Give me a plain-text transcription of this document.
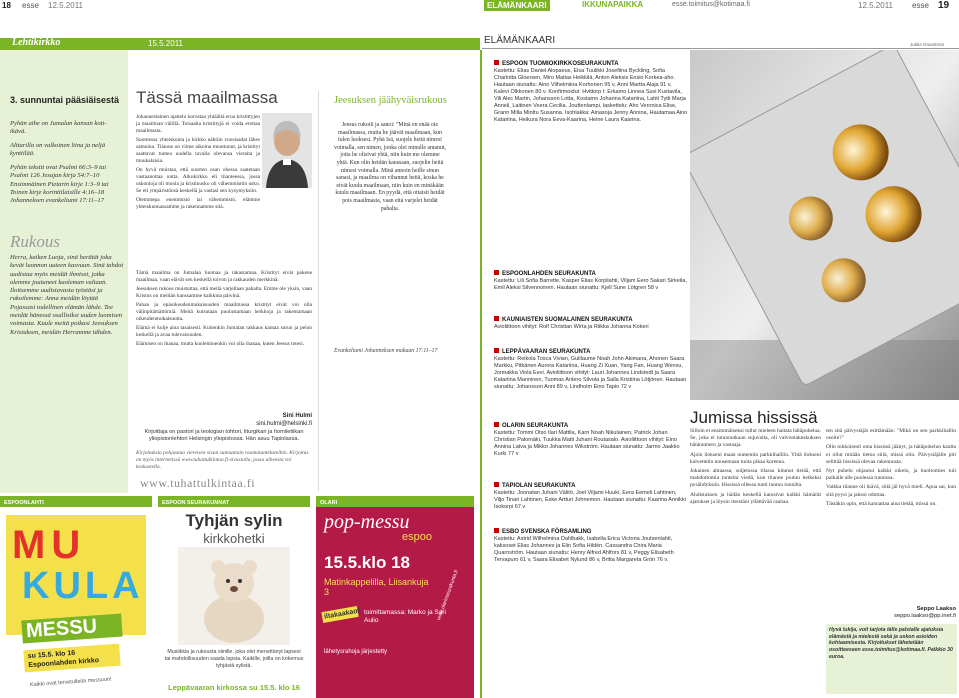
18 esse 12.5.2011	ELÄMÄNKAARI	IKKUNAPAIKKA	esse.toimitus@kotimaa.fi	12.5.2011 esse 19
Lehtikirkko	15.5.2011	ELÄMÄNKAARI	Jukka Granström
3. sunnuntai pääsiäisestä

Pyhän aihe on Jumalan kansan koti-ikävä.

Alttarilla on valkoinen liina ja neljä kynttilää.

Pyhän tekstit ovat Psalmi 66:3–9 tai Psalmi 126 Jesajan kirja 54:7–10 Ensimmäinen Pietarin kirje 1:3–9 tai Toinen kirje korinttilaisille 4:16–18 Johanneksen evankeliumi 17:11–17

Rukous

Herra, kaiken Luoja, sinä herätät joka kevät luonnon uuteen kasvuun. Sinä tahdot uudistaa myös meidät ihmiset, jotka olemme joutuneet kuoleman valtaan. Iloitsemme uudistavasta työstäsi ja rukoilemme: Anna meidän löytää Pojassasi todellinen elämän lähde. Tee meidät hänessä osallisiksi uuden luomisen voimasta. Kuule meitä poikasi Jeesuksen Kristuksen, meidän Herramme tähden.

Tässä maailmassa

Johanneslainen ajattelu korostaa yhtäältä eroa kristittyjen ja maailman välillä. Toisaalta kristittyjä ei voida erottaa maailmasta.

Suomessa yhteiskunta ja kirkko nähtiin vuosisadat lähes samoina. Tilanne on viime aikoina muuttunut, ja kristityt saattavat tuntea uudella tavalla olevansa vieraita ja muukalaisia.

On hyvä muistaa, että suurten osan ohessa saatetaan vastaanottaa uutta. Alkukirkko eli tilanteessa, jossa uskontoja oli monia ja kristinusko oli vähemmistön usko. Se eli ympäristönsä keskellä ja vastasi sen kysymyksiin.

Olemmepa enemmistö tai vähemmistö, elämme yhteiskunnassamme ja rakennamme sitä.

Tämä maailma on Jumalan luomaa ja rakastamaa. Kristityt eivät pakene maailmaa, vaan elävät sen keskellä toivon ja rakkauden merkkinä.

Jeesuksen rukous muistuttaa, että meitä varjellaan pahalta. Emme ole yksin, vaan Kristus on meidän kanssamme kaikkina päivinä.

Pahan ja epäoikeudenmukaisuuden maailmassa kristityt eivät voi olla välinpitämättömiä. Meitä kutsutaan puolustamaan heikkoja ja rakentamaan oikeudenmukaisuutta.

Elämä ei kulje aina tasaisesti. Kuitenkin Jumalan rakkaus kantaa surun ja pelon keskellä ja avaa tulevaisuuden.

Elämisen on ihanaa, mutta kuoleminenkin voi olla ihanaa, kuten Jeesus totesi.

Sini Hulmi
sini.hulmi@helsinki.fi
Kirjoittaja on pastori ja teologian tohtori, liturgikan ja homiletiikan yliopistonlehtori Helsingin yliopistossa. Hän asuu Tapiolassa.
Kirjoituksia pohjautuu viereisen sivun sunnuntain raamatunteksteihin. Kirjoitus on myös internetissä www.tuhattulkintaa.fi-sivustolla, jossa aiheesta voi keskustella.
www.tuhattulkintaa.fi
Jeesuksen jäähyväisrukous
Jeesus rukoili ja sanoi: "Minä en enää ole maailmassa, mutta he jäävät maailmaan, kun tulen luoksesi. Pyhä Isä, suojele heitä nimesi voimalla, sen nimen, jonka olet minulle antanut, jotta he olisivat yhtä, niin kuin me olemme yhtä. Kun olin heidän kanssaan, suojelin heitä nimesi voimalla. Minä annoin heille sinun sanasi, ja maailma on vihannut heitä, koska he eivät kuulu maailmaan, niin kuin en minäkään kuulu maailmaan. En pyydä, että ottaisit heidät pois maailmasta, vaan että varjelet heidät pahalta.
Evankeliumi Johanneksen mukaan 17:11–17
ESPOON TUOMIOKIRKKOSEURAKUNTA
Kastettu: Elias Daniel Alopaeus, Elsa Tuulikki Josefiina Byckling, Sofia Charlotta Gloersen, Miro Matias Heikkilä, Anton Aleksis Ensio Korkea-aho. Hautaan siunattu: Aino Vilhelmiina Korhonen 95 v, Anni Martta Alaja 91 v, Kalevi Olkkonen 80 v. Konfirmoidut: Hvittorp I: Erkamo Linnea Suvi Kustavila, Vili Alec Martin, Johansson Lotta, Kostamo Johanna Katariina, Lahti Tytti Marja Anneli, Laitinen Veera Cecilia. Jouttenlampi, laskettelu: Aho Veronica Elise, Grann Milla Minttu Susanna. Isohlakka: Ainasoja Jenny Annina, Hautamaa Aino Katariina, Heikura Nora Eeva-Kaarina, Heine Laura Kaarina.
ESPOONLAHDEN SEURAKUNTA
Kastettu: Lili Sofia Barrette, Kasper Elias Korpilahti, Viljam Eero Sakari Sirkeila, Emil Aleksi Silvennoinen. Hautaan siunattu: Kjell Sune Lötgren 58 v
KAUNIAISTEN SUOMALAINEN SEURAKUNTA
Avioliittoon vihityt: Rolf Christian Wirta ja Riikka Johanna Kokeri
LEPPÄVAARAN SEURAKUNTA
Kastettu: Reikola Tosca Vivian, Guillaume Noah John Akimana, Ahonen Saara Markku, Pitkänen Aurora Katariina, Huang Zi Xuan, Yang Fan, Huang Wenxu, Jormakka Viola Eevi. Avioliittoon vihityt: Lauri Johannes Lindstedt ja Saara Katariina Manninen, Tuomas Antero Silvola ja Salla Kristiina Lötjönen. Hautaan siunattu: Johansson Anni 89 v, Lindholm Eino Tapio 72 v
OLARIN SEURAKUNTA
Kastettu: Tommi Otso Ilari Mattila, Karri Noah Nikulainen, Patrick Johan Christian Palomäki, Tuukka Matti Juhani Routasalo. Avioliittoon vihityt: Eino Annina Latva ja Mikko Johannes Wikström. Hautaan siunattu: Jarmo Jaakko Kurki 77 v
TAPIOLAN SEURAKUNTA
Kastettu: Joonatan Juhani Välitö, Joel Viljami Huuki, Eera Eemeli Lahtinen, Viljo Tinari Lahtinen, Eske Artturi Johnemon. Hautaan siunattu: Kaarina Annikki Isokorpi 67 v
ESBO SVENSKA FÖRSAMLING
Kastettu: Astrid Wilhelmina Dahlbakk, Isabella Erica Victoria Joutsenlahti, kaksoset Elias Johannes ja Elin Sofia Hildén. Cassandra Chira Maria Quarnström. Hautaan siunattu: Henry Alfred Ahlfors 81 v, Peggy Elisabeth Tervapuro 61 v, Saara Elisabet Nylund 86 v, Britta Margareta Grön 76 v.
Jumissa hississä

Silloin ei ensimmäiseksi tullut mieleen haitata hätäpuhelua. Se, joka ei tutunnutkaan sujuvalta, oli valvontakeskuksen hätänumero ja vastaaja.

Ajoin ilokseni maan uumeniin parkkihalliin. Yhtä ilokseni kaivettelin nousemaan tuota pikaa koreena.

Jokainen ahtaassa, suljetussa tilassa kitunut tietää, että mahdottomia tunteita viedä, kun tilanne joutuu hetkeksi pysähdyksiin. Hississä ollessa tunti tuntuu tunnilta.

Ahdistuksen ja hädän keskellä katosivat kaikki hämärät ajatukset ja löysin itsestäni yllättävää rauhaa.

ten sitä päivystäjät esittämään: "Mikä on sen parkkihallin osoite?"

Olin tokkoisesti oma hississä jäänyt, ja hätäpuhelun kautta ei ollut mitään tietoa siitä, missä olin. Päivystäjälle piti selittää hississä olevaa rakennusta.

Nyt puhelu ohjautui kaikki oikein, ja huoltomies tuli paikalle alle puolessa tunnissa.

Vaikka tilanne oli ikävä, siitä jäi hyvä mieli. Apua sai, kun sitä pyysi ja jaksoi odottaa.

Tästäkin opin, että kannattaa aina tietää, missä on.

Seppo Laakso
seppo.laakso@pp.inet.fi
Hyvä lukija, voit tarjota tälle palstalle ajatuksia elämästä ja mielestä sekä ja uskon asioiden kohtaamisesta. Kirjoitukset lähetetään osoitteeseen esse.toimitus@kotimaa.fi. Palkkio 30 euroa.
ESPOONLAHTI
MU
KULA
MESSU
su 15.5. klo 16
Espoonlahden kirkko
Kaikki ovat tervetulleita messuun!
ESPOON SEURAKUNNAT
Tyhjän sylin
kirkkohetki
Musiikkia ja rukousta siinille, joka olet menettänyt lapsesi tai mahdollisuuden saada lapsia. Kaikille, joilla on kokemus tyhjästä sylistä.
Leppävaaran kirkossa su 15.5. klo 16
OLARI
pop-messu
espoo
15.5.klo 18
Matinkappelilla, Liisankuja 3
iltakaakaot toimittamassa: Marko ja Sari Aulio
lähetysrahoja järjestetty
www.olarinseurakunta.fi
